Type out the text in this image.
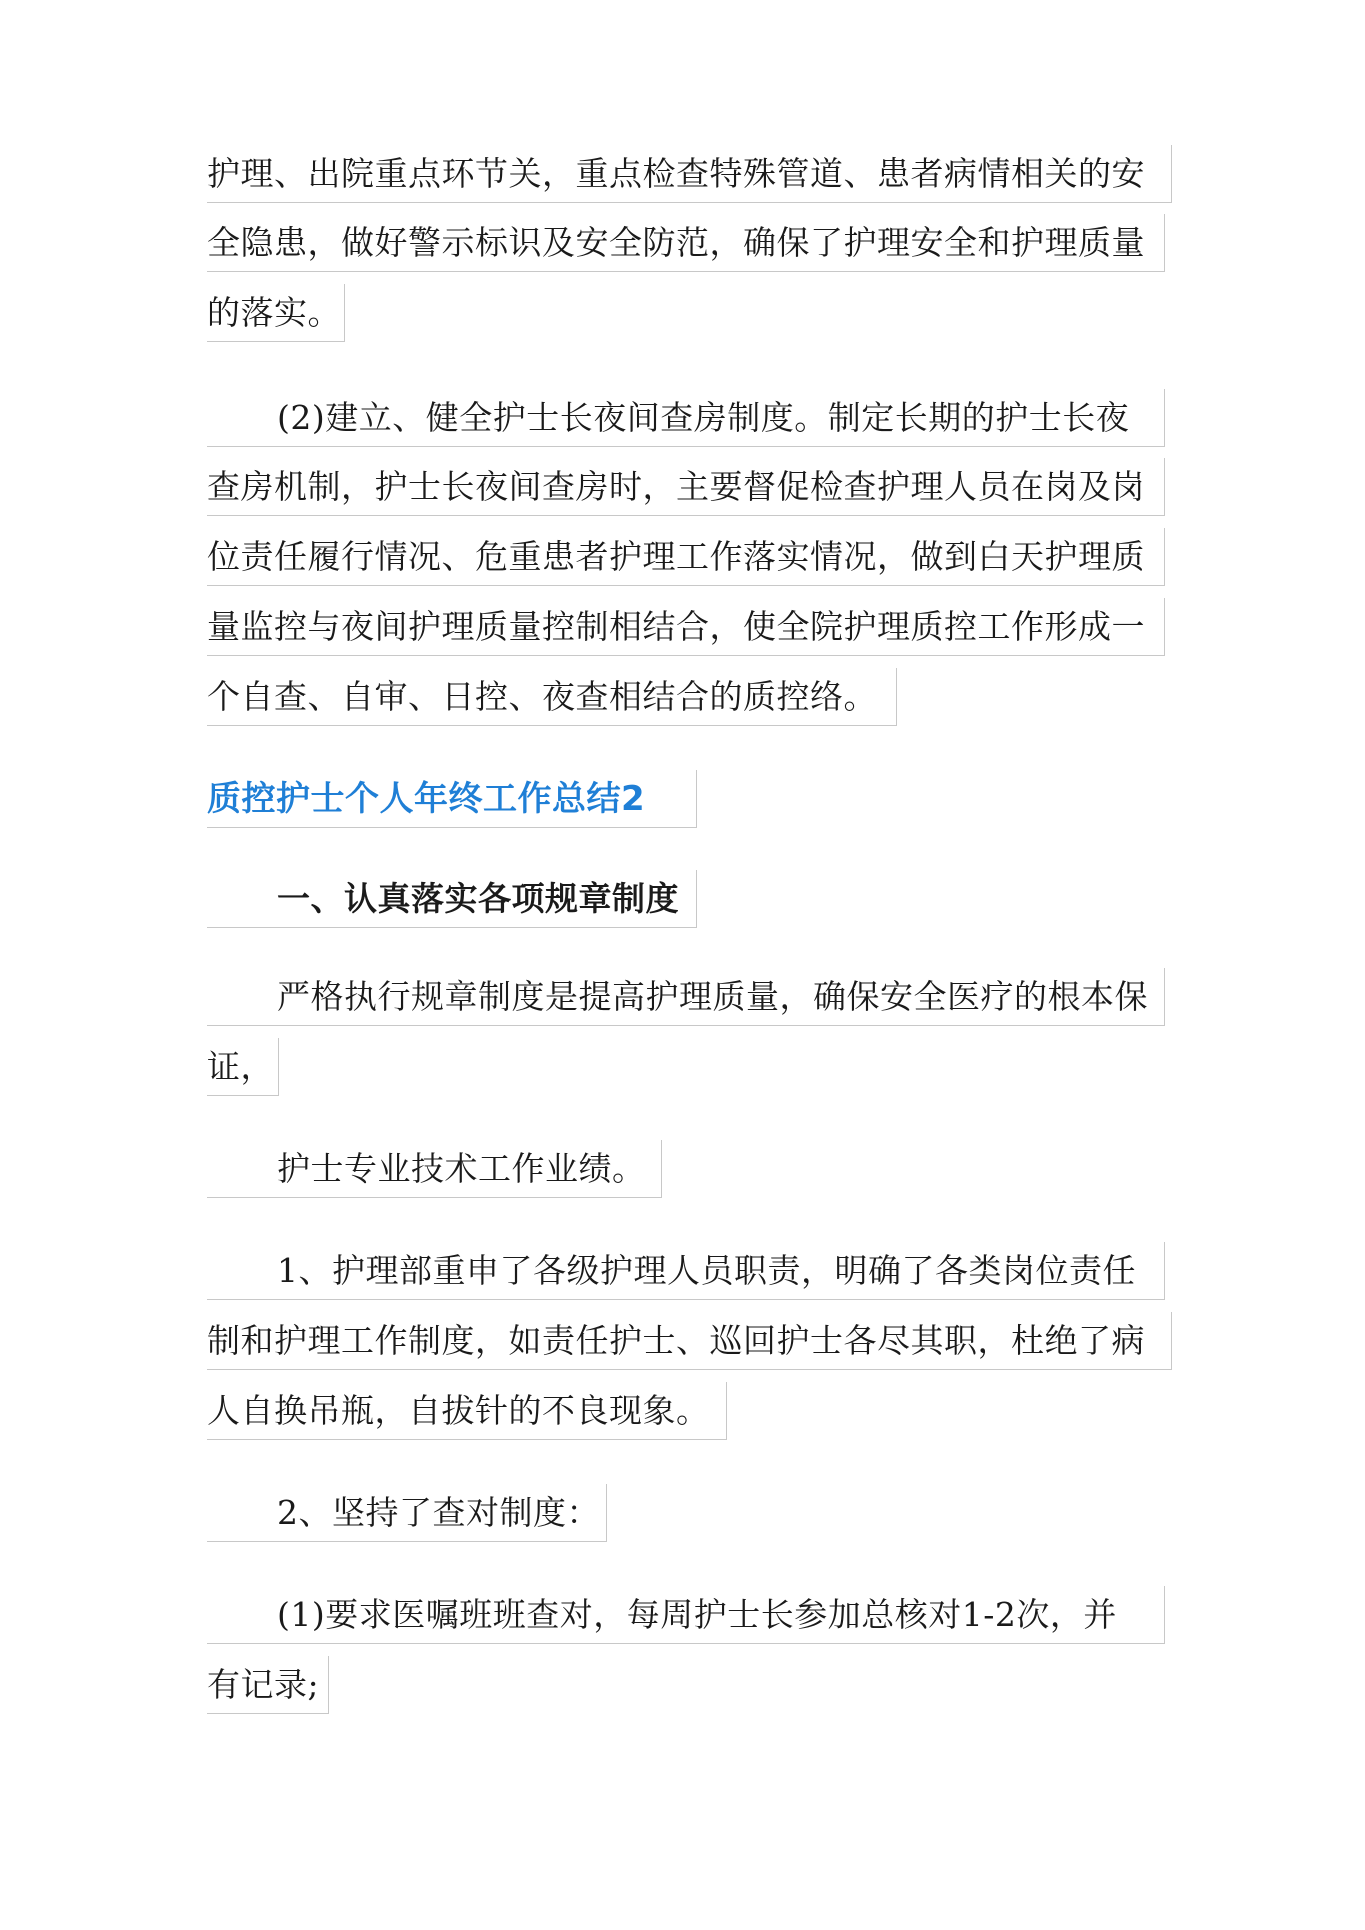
护理、出院重点环节关，重点检查特殊管道、患者病情相关的安
全隐患，做好警示标识及安全防范，确保了护理安全和护理质量
的落实。
(2)建立、健全护士长夜间查房制度。制定长期的护士长夜
查房机制，护士长夜间查房时，主要督促检查护理人员在岗及岗
位责任履行情况、危重患者护理工作落实情况，做到白天护理质
量监控与夜间护理质量控制相结合，使全院护理质控工作形成一
个自查、自审、日控、夜查相结合的质控络。
质控护士个人年终工作总结2
一、认真落实各项规章制度
严格执行规章制度是提高护理质量，确保安全医疗的根本保
证，
护士专业技术工作业绩。
1、护理部重申了各级护理人员职责，明确了各类岗位责任
制和护理工作制度，如责任护士、巡回护士各尽其职，杜绝了病
人自换吊瓶，自拔针的不良现象。
2、坚持了查对制度：
(1)要求医嘱班班查对，每周护士长参加总核对1-2次，并
有记录;
